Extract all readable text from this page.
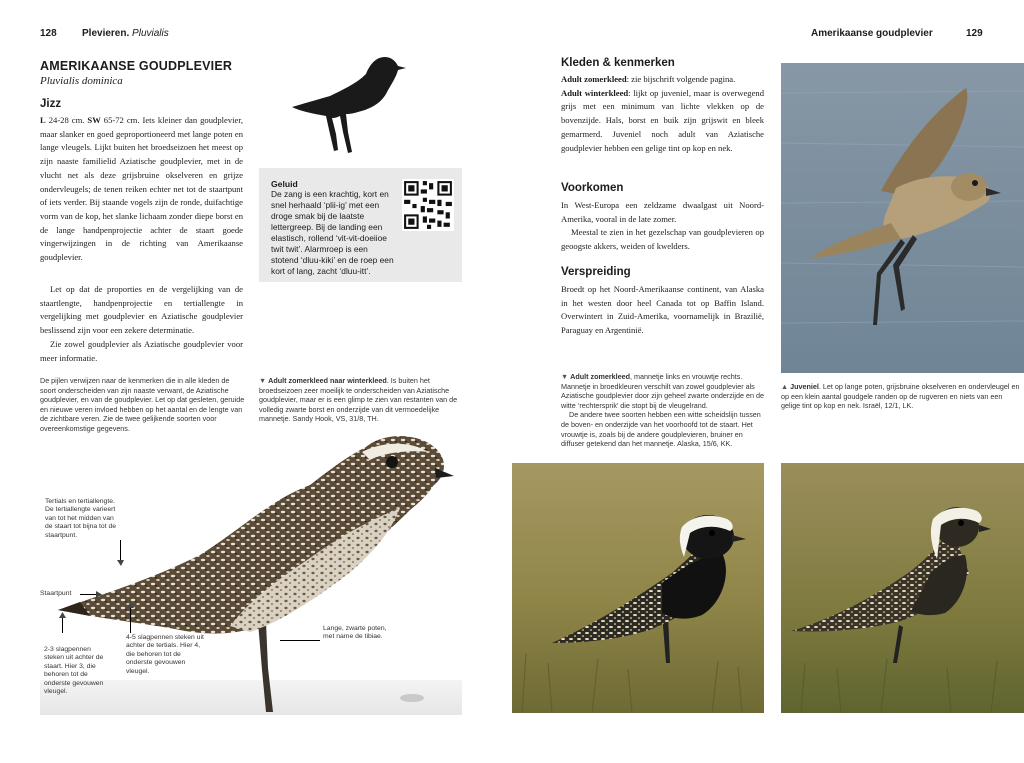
128	Plevieren. Pluvialis	Amerikaanse goudplevier	129
AMERIKAANSE GOUDPLEVIER
Pluvialis dominica
Jizz

L 24-28 cm. SW 65-72 cm. Iets kleiner dan goudplevier, maar slanker en goed geproportioneerd met lange poten en lange vleugels. Lijkt buiten het broedseizoen het meest op zijn naaste familielid Aziatische goudplevier, met in de vlucht net als deze grijsbruine okselveren en grijze ondervleugels; de tenen reiken echter net tot de staartpunt of iets verder. Bij staande vogels zijn de ronde, duifachtige vorm van de kop, het slanke lichaam zonder diepe borst en de lange handpenprojectie achter de staart goede vingerwijzingen in de richting van Amerikaanse goudplevier.

Let op dat de proporties en de vergelijking van de staartlengte, handpenprojectie en tertiallengte in vergelijking met goudplevier en Aziatische goudplevier beslissend zijn voor een zekere determinatie.

Zie zowel goudplevier als Aziatische goudplevier voor meer informatie.

Geluid
De zang is een krachtig, kort en snel herhaald ‘plii-ig’ met een droge smak bij de laatste lettergreep. Bij de landing een elastisch, rollend ‘vit-vit-doeiioe twit twit’. Alarmroep is een stotend ‘dluu-kiki’ en de roep een kort of lang, zacht ‘dluu-itt’.
De pijlen verwijzen naar de kenmerken die in alle kleden de soort onderscheiden van zijn naaste verwant, de Aziatische goudplevier, en van de goudplevier. Let op dat gesleten, geruide en nieuwe veren invloed hebben op het aantal en de lengte van de zichtbare veren. Zie de twee gelijkende soorten voor overeenkomstige gegevens.
▼ Adult zomerkleed naar winterkleed. Is buiten het broedseizoen zeer moeilijk te onderscheiden van Aziatische goudplevier, maar er is een glimp te zien van restanten van de volledig zwarte borst en onderzijde van dit vermoedelijke mannetje. Sandy Hook, VS, 31/8, TH.
Tertials en tertiallengte. De tertiallengte varieert van tot het midden van de staart tot bijna tot de staartpunt.
Staartpunt
2-3 slagpennen steken uit achter de staart. Hier 3, die behoren tot de onderste gevouwen vleugel.
4-5 slagpennen steken uit achter de tertials. Hier 4, die behoren tot de onderste gevouwen vleugel.
Lange, zwarte poten, met name de tibiae.
Kleden & kenmerken

Adult zomerkleed: zie bijschrift volgende pagina.

Adult winterkleed: lijkt op juveniel, maar is overwegend grijs met een minimum van lichte vlekken op de bovenzijde. Hals, borst en buik zijn grijswit en bleek gemarmerd. Juveniel noch adult van Aziatische goudplevier hebben een gelige tint op kop en nek.

Voorkomen

In West-Europa een zeldzame dwaalgast uit Noord-Amerika, vooral in de late zomer.

Meestal te zien in het gezelschap van goudplevieren op geoogste akkers, weiden of kwelders.

Verspreiding

Broedt op het Noord-Amerikaanse continent, van Alaska in het westen door heel Canada tot op Baffin Island. Overwintert in Zuid-Amerika, voornamelijk in Brazilië, Paraguay en Argentinië.

▼ Adult zomerkleed, mannetje links en vrouwtje rechts. Mannetje in broedkleuren verschilt van zowel goudplevier als Aziatische goudplevier door zijn geheel zwarte onderzijde en de witte ‘rechtersprik’ die stopt bij de vleugelrand.
De andere twee soorten hebben een witte scheidslijn tussen de boven- en onderzijde van het voorhoofd tot de staart. Het vrouwtje is, zoals bij de andere goudplevieren, bruiner en diffuser getekend dan het mannetje. Alaska, 15/6, KK.
▲ Juveniel. Let op lange poten, grijsbruine okselveren en ondervleugel en op een klein aantal goudgele randen op de rugveren en niets van een gelige tint op kop en nek. Israël, 12/1, LK.
